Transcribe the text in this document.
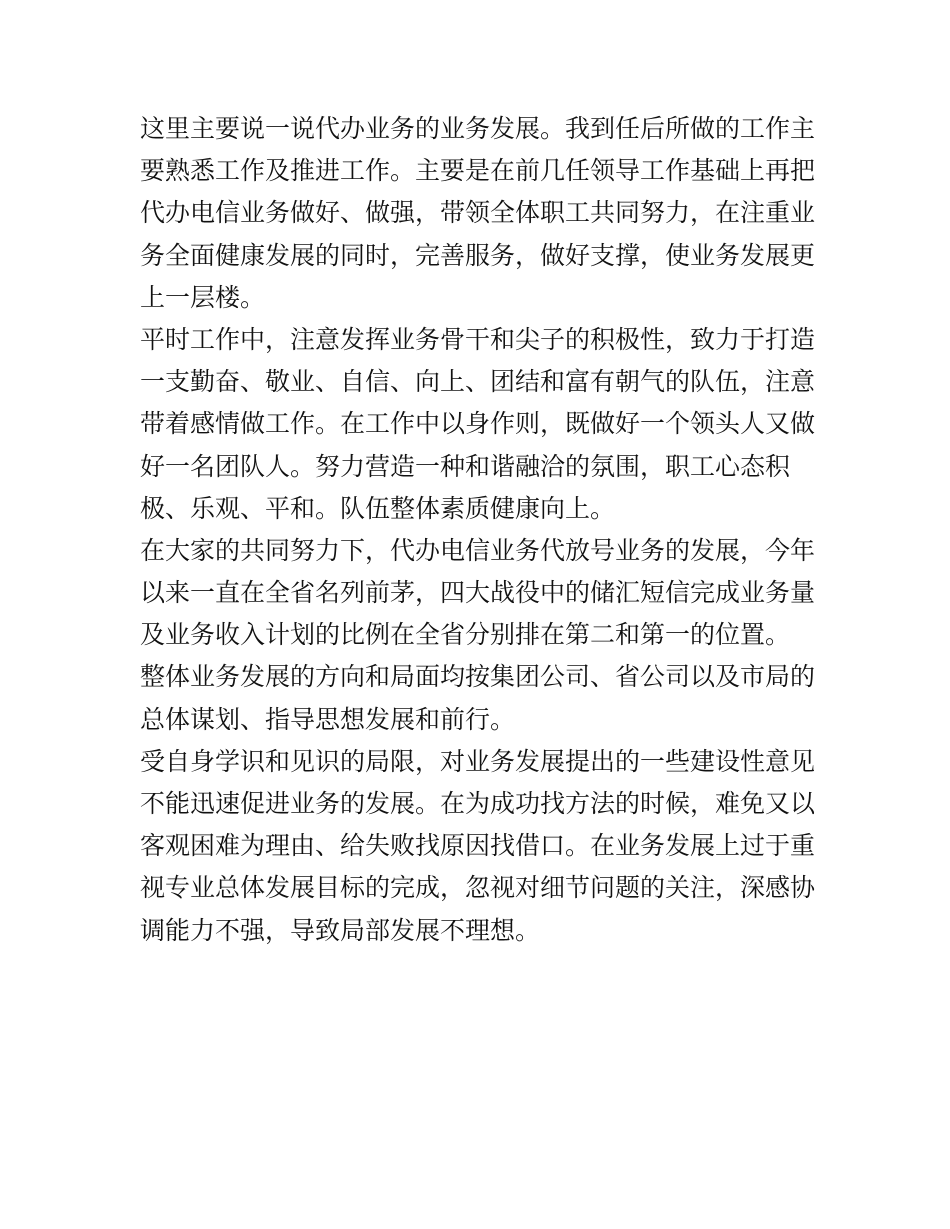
这里主要说一说代办业务的业务发展。我到任后所做的工作主

要熟悉工作及推进工作。主要是在前几任领导工作基础上再把

代办电信业务做好、做强，带领全体职工共同努力，在注重业

务全面健康发展的同时，完善服务，做好支撑，使业务发展更

上一层楼。

平时工作中，注意发挥业务骨干和尖子的积极性，致力于打造

一支勤奋、敬业、自信、向上、团结和富有朝气的队伍，注意

带着感情做工作。在工作中以身作则，既做好一个领头人又做

好一名团队人。努力营造一种和谐融洽的氛围，职工心态积

极、乐观、平和。队伍整体素质健康向上。

在大家的共同努力下，代办电信业务代放号业务的发展，今年

以来一直在全省名列前茅，四大战役中的储汇短信完成业务量

及业务收入计划的比例在全省分别排在第二和第一的位置。

整体业务发展的方向和局面均按集团公司、省公司以及市局的

总体谋划、指导思想发展和前行。

受自身学识和见识的局限，对业务发展提出的一些建设性意见

不能迅速促进业务的发展。在为成功找方法的时候，难免又以

客观困难为理由、给失败找原因找借口。在业务发展上过于重

视专业总体发展目标的完成，忽视对细节问题的关注，深感协

调能力不强，导致局部发展不理想。
